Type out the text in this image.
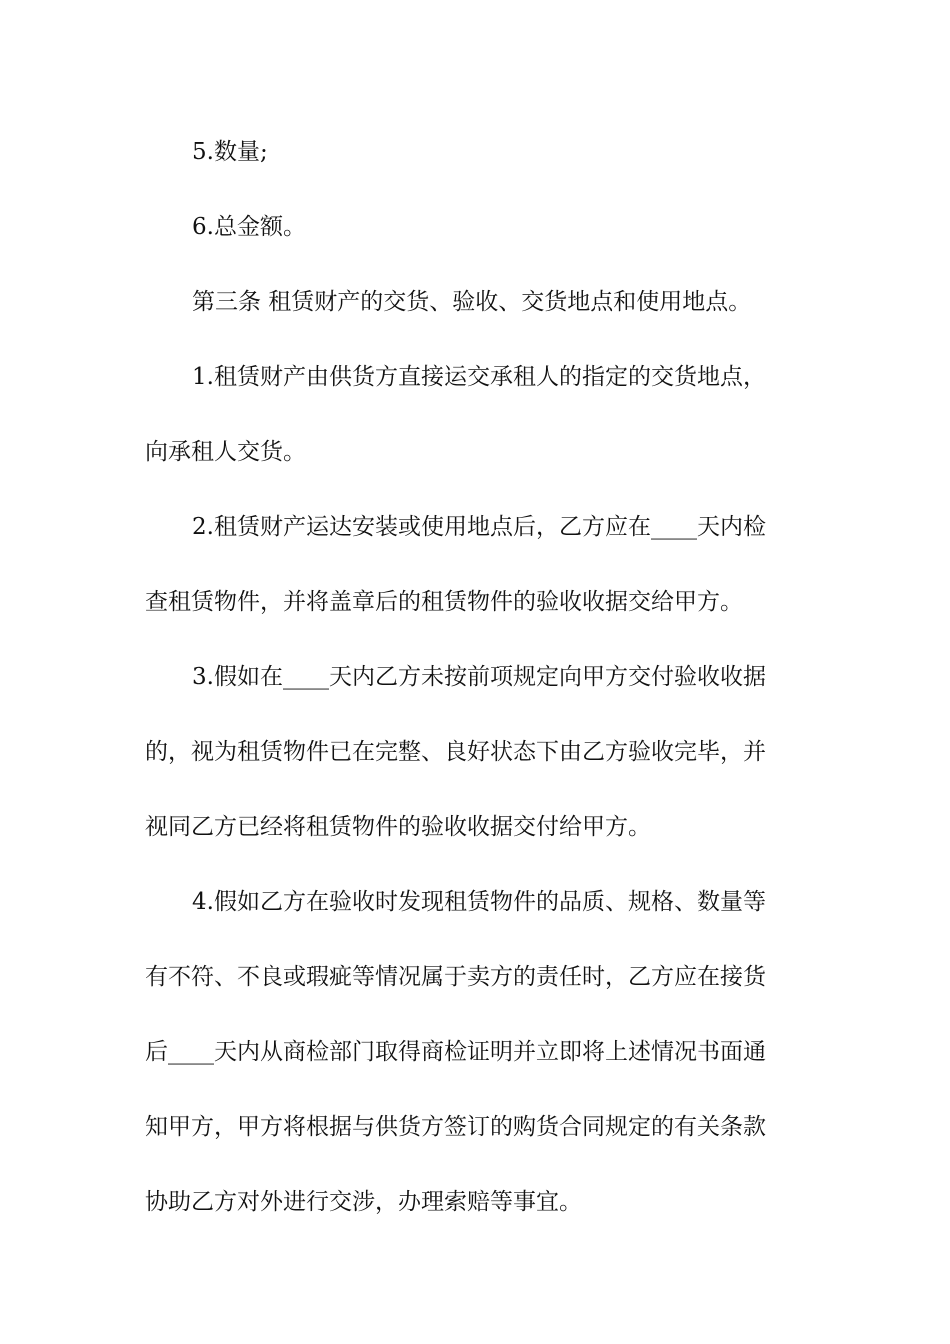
5.数量;
6.总金额。
第三条 租赁财产的交货、验收、交货地点和使用地点。
1.租赁财产由供货方直接运交承租人的指定的交货地点，
向承租人交货。
2.租赁财产运达安装或使用地点后，乙方应在____天内检
查租赁物件，并将盖章后的租赁物件的验收收据交给甲方。
3.假如在____天内乙方未按前项规定向甲方交付验收收据
的，视为租赁物件已在完整、良好状态下由乙方验收完毕，并
视同乙方已经将租赁物件的验收收据交付给甲方。
4.假如乙方在验收时发现租赁物件的品质、规格、数量等
有不符、不良或瑕疵等情况属于卖方的责任时，乙方应在接货
后____天内从商检部门取得商检证明并立即将上述情况书面通
知甲方，甲方将根据与供货方签订的购货合同规定的有关条款
协助乙方对外进行交涉，办理索赔等事宜。
